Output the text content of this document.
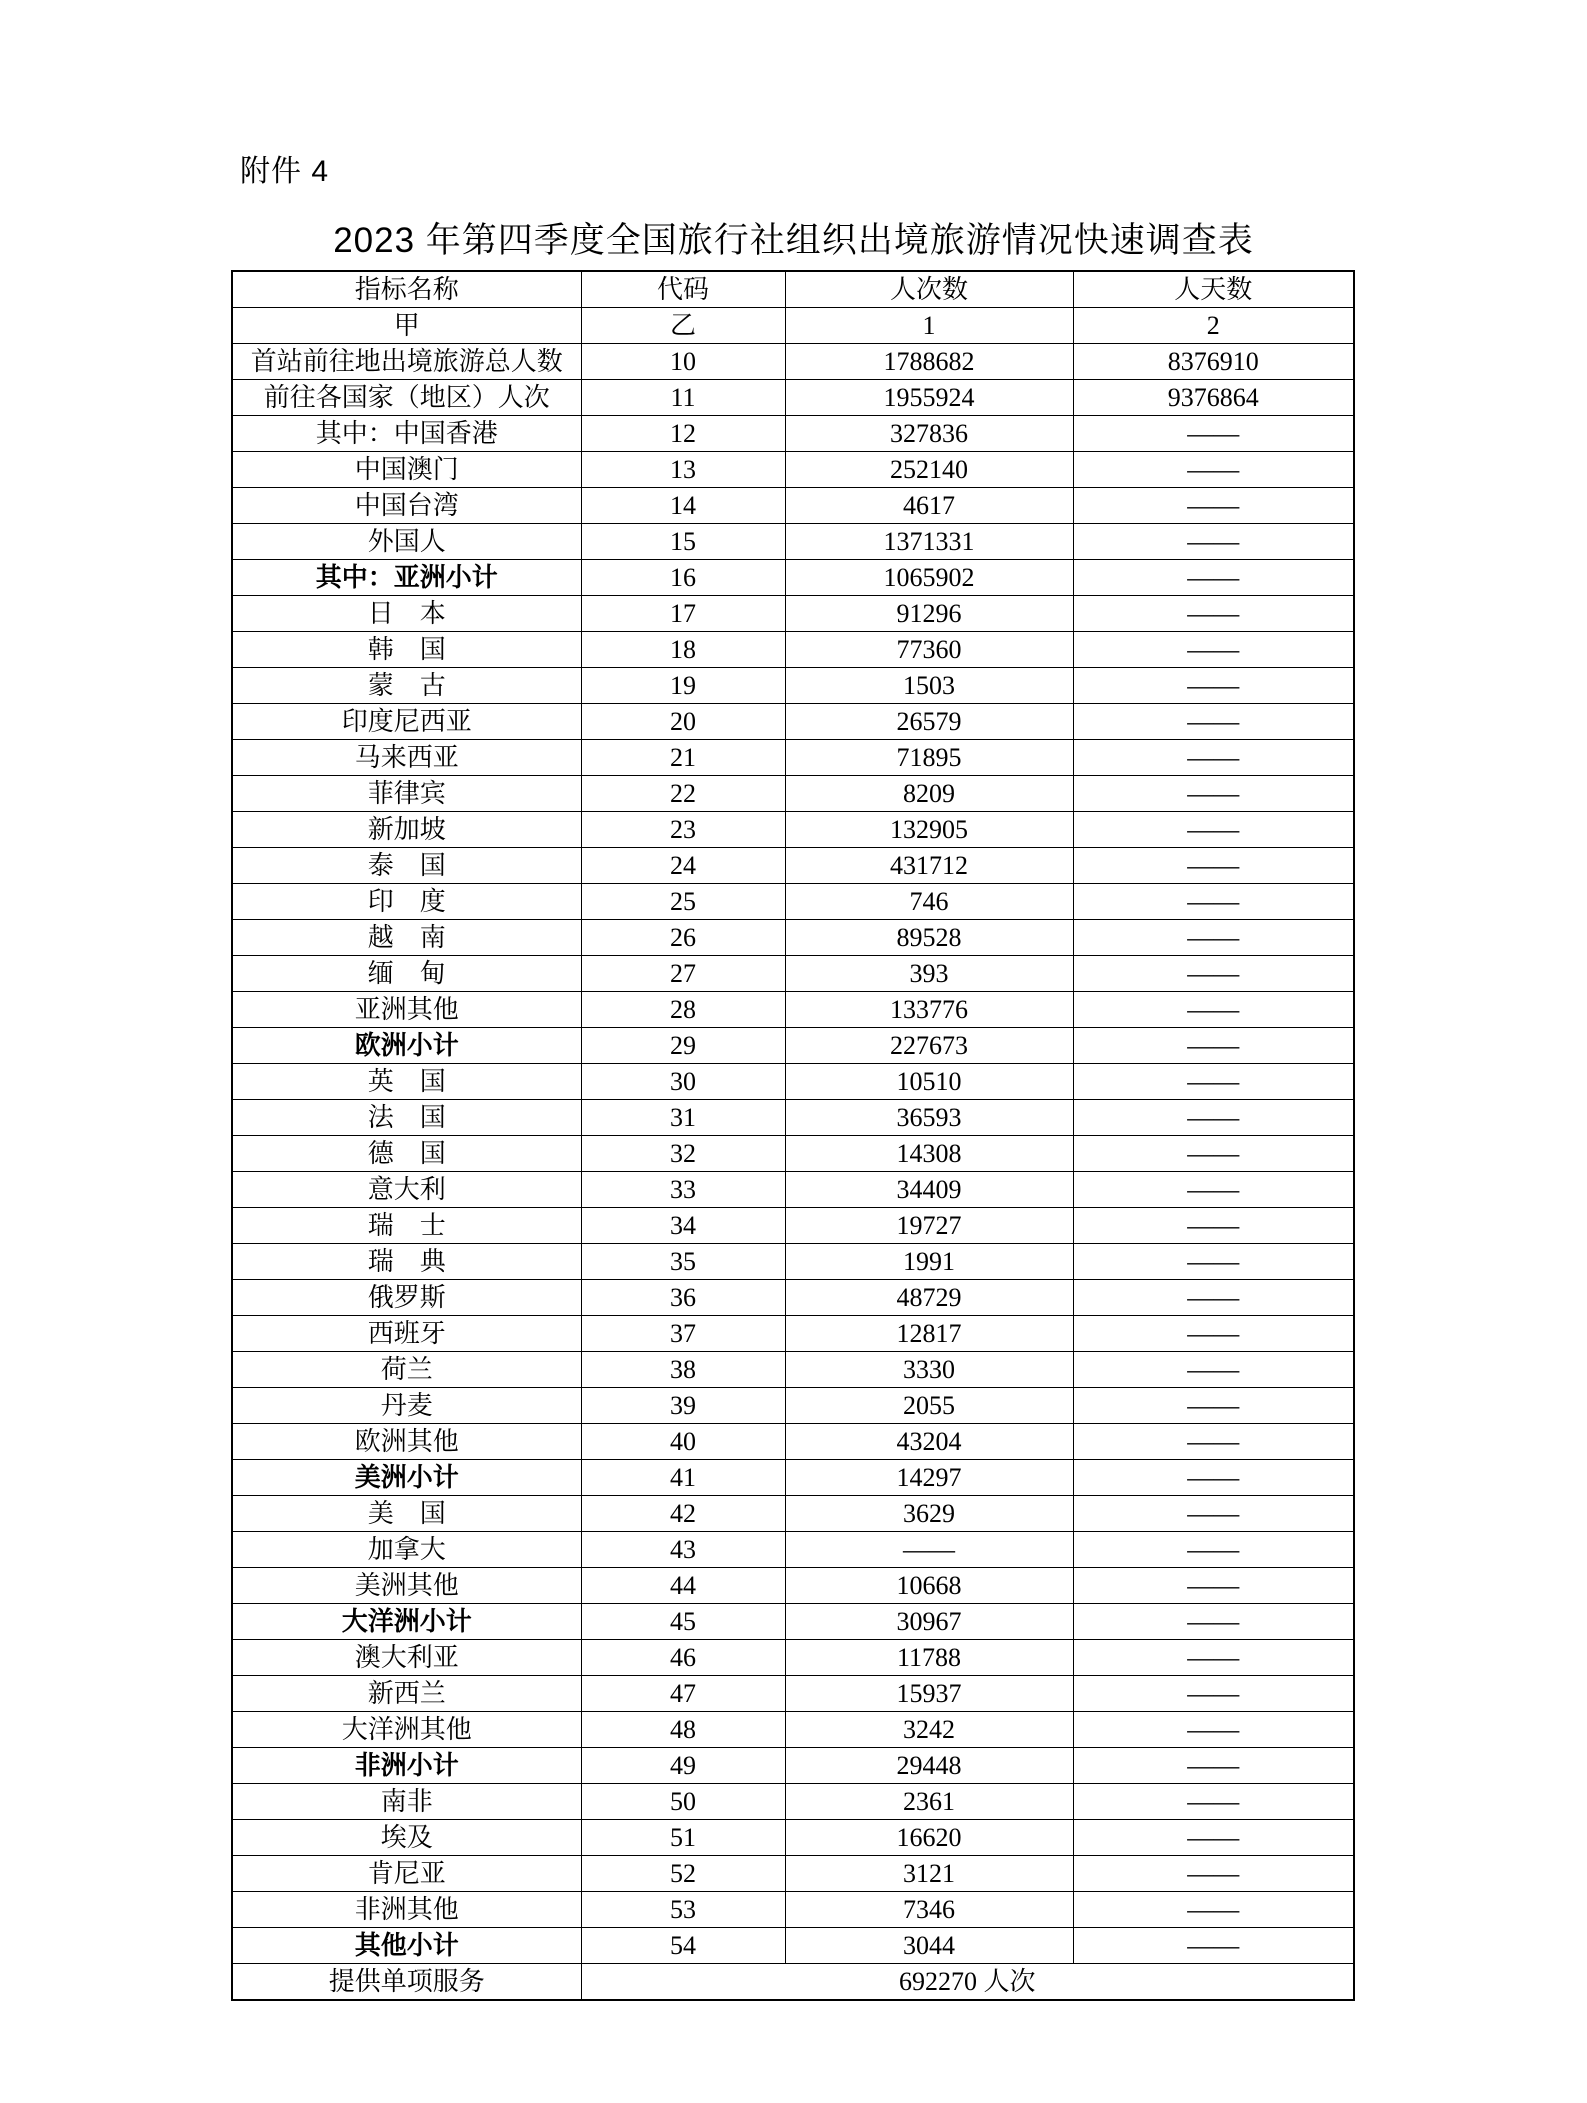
附件 4
2023 年第四季度全国旅行社组织出境旅游情况快速调查表
指标名称	代码	人次数	人天数
甲	乙	1	2
首站前往地出境旅游总人数	10	1788682	8376910
前往各国家（地区）人次	11	1955924	9376864
其中：中国香港	12	327836	——
中国澳门	13	252140	——
中国台湾	14	4617	——
外国人	15	1371331	——
其中：亚洲小计	16	1065902	——
日　本	17	91296	——
韩　国	18	77360	——
蒙　古	19	1503	——
印度尼西亚	20	26579	——
马来西亚	21	71895	——
菲律宾	22	8209	——
新加坡	23	132905	——
泰　国	24	431712	——
印　度	25	746	——
越　南	26	89528	——
缅　甸	27	393	——
亚洲其他	28	133776	——
欧洲小计	29	227673	——
英　国	30	10510	——
法　国	31	36593	——
德　国	32	14308	——
意大利	33	34409	——
瑞　士	34	19727	——
瑞　典	35	1991	——
俄罗斯	36	48729	——
西班牙	37	12817	——
荷兰	38	3330	——
丹麦	39	2055	——
欧洲其他	40	43204	——
美洲小计	41	14297	——
美　国	42	3629	——
加拿大	43	——	——
美洲其他	44	10668	——
大洋洲小计	45	30967	——
澳大利亚	46	11788	——
新西兰	47	15937	——
大洋洲其他	48	3242	——
非洲小计	49	29448	——
南非	50	2361	——
埃及	51	16620	——
肯尼亚	52	3121	——
非洲其他	53	7346	——
其他小计	54	3044	——
提供单项服务	692270 人次		
